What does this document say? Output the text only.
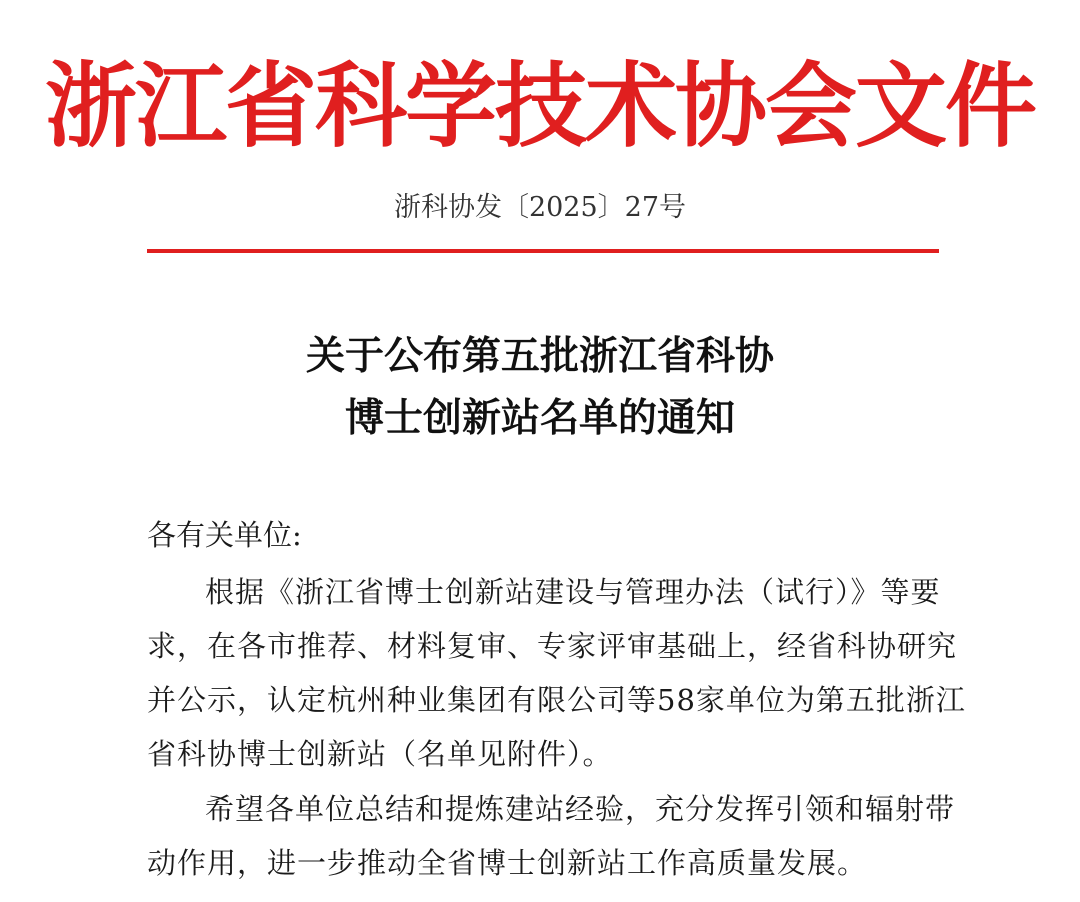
浙江省科学技术协会文件
浙科协发〔2025〕27号
关于公布第五批浙江省科协
博士创新站名单的通知
各有关单位:
根据《浙江省博士创新站建设与管理办法（试行）》等要
求，在各市推荐、材料复审、专家评审基础上，经省科协研究
并公示，认定杭州种业集团有限公司等58家单位为第五批浙江
省科协博士创新站（名单见附件）。
希望各单位总结和提炼建站经验，充分发挥引领和辐射带
动作用，进一步推动全省博士创新站工作高质量发展。
